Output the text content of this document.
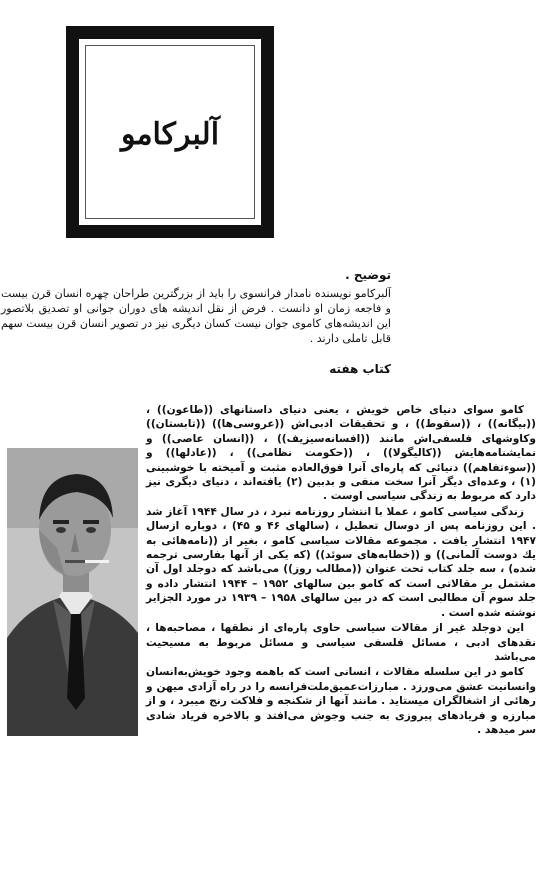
آلبرکامو
توضیح .

آلبرکامو نویسنده نامدار فرانسوی را باید از بزرگترین طراحان چهره انسان قرن بیست و فاجعه زمان او دانست . فرض از نقل اندیشه های دوران جوانی او تصدیق بلاتصور این اندیشه‌های کاموی جوان نیست کسان دیگری نیز در تصویر انسان قرن بیست سهم قابل تاملی دارند .

کتاب هفته

کامو سوای دنیای خاص خویش ، یعنی دنیای داستانهای ((طاعون)) ، ((بیگانه)) ، ((سقوط)) ، و تحقیقات ادبی‌اش ((عروسی‌ها)) ((تابستان)) وکاوشهای فلسفی‌اش مانند ((افسانه‌سیزیف)) ، ((انسان عاصی)) و نمایشنامه‌هایش ((کالیگولا)) ، ((حکومت نظامی)) ، ((عادلها)) و ((سوءتفاهم)) دنیائی که پاره‌ای آنرا فوق‌العاده مثبت و آمیخته با خوشبینی (۱) ، وعده‌ای دیگر آنرا سخت منفی و بدبین (۲) یافته‌اند ، دنیای دیگری نیز دارد که مربوط به زندگی سیاسی اوست .

زندگی سیاسی کامو ، عملا با انتشار روزنامه نبرد ، در سال ۱۹۴۴ آغاز شد . این روزنامه پس از دوسال تعطیل ، (سالهای ۴۶ و ۴۵) ، دوباره ازسال ۱۹۴۷ انتشار یافت . مجموعه مقالات سیاسی کامو ، بغیر از ((نامه‌هائی به یك دوست آلمانی)) و ((خطابه‌های سوئد)) (که یکی از آنها بفارسی ترجمه شده) ، سه جلد کتاب تحت عنوان ((مطالب روز)) می‌باشد که دوجلد اول آن مشتمل بر مقالاتی است که کامو بین سالهای ۱۹۵۲ – ۱۹۴۴ انتشار داده و جلد سوم آن مطالبی است که در بین سالهای ۱۹۵۸ – ۱۹۳۹ در مورد الجزایر نوشته شده است .

این دوجلد غیر از مقالات سیاسی حاوی پاره‌ای از نطقها ، مصاحبه‌ها ، نقدهای ادبی ، مسائل فلسفی سیاسی و مسائل مربوط به مسیحیت می‌باشد

کامو در این سلسله مقالات ، انسانی است که باهمه وجود خویش‌به‌انسان وانسانیت عشق می‌ورزد . مبارزات‌عمیق‌ملت‌فرانسه را در راه آزادی میهن و رهائی از اشغالگران میستاید . مانند آنها از شکنجه و فلاکت رنج میبرد ، و از مبارزه و فریادهای پیروزی به جنب وجوش می‌افتد و بالاخره فریاد شادی سر میدهد .
